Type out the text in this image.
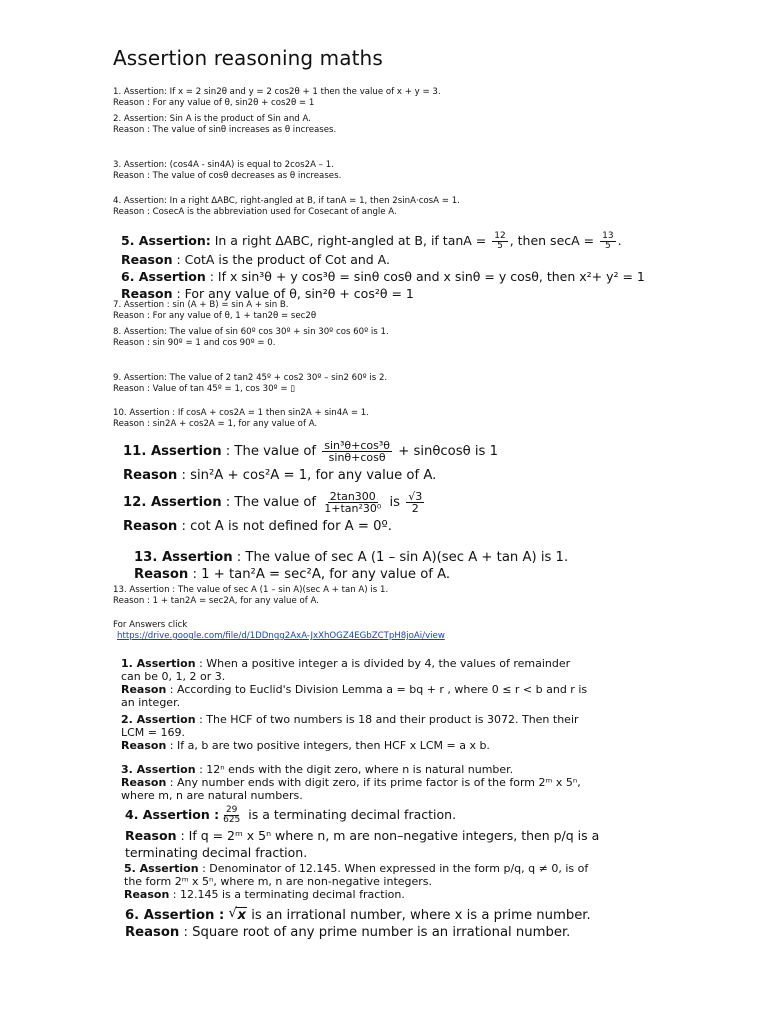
Assertion reasoning maths
1. Assertion: If x = 2 sin2θ and y = 2 cos2θ + 1 then the value of x + y = 3.
Reason : For any value of θ, sin2θ + cos2θ = 1
2. Assertion: Sin A is the product of Sin and A.
Reason : The value of sinθ increases as θ increases.
3. Assertion: (cos4A - sin4A) is equal to 2cos2A – 1.
Reason : The value of cosθ decreases as θ increases.
4. Assertion: In a right ΔABC, right-angled at B, if tanA = 1, then 2sinA·cosA = 1.
Reason : CosecA is the abbreviation used for Cosecant of angle A.
5. Assertion: In a right ΔABC, right-angled at B, if $\tan A = \frac{12}{5}$ , then $\sec A = \frac{13}{5}$ .
Reason : CotA is the product of Cot and A.
6. Assertion : If x sin³θ + y cos³θ = sinθ cosθ and x sinθ = y cosθ, then x²+ y² = 1
Reason : For any value of θ, sin²θ + cos²θ = 1
7. Assertion : sin (A + B) = sin A + sin B.
Reason : For any value of θ, 1 + tan2θ = sec2θ
8. Assertion: The value of sin 60º cos 30º + sin 30º cos 60º is 1.
Reason : sin 90º = 1 and cos 90º = 0.
9. Assertion: The value of 2 tan2 45º + cos2 30º – sin2 60º is 2.
Reason : Value of tan 45º = 1, cos 30º = ▯
10. Assertion : If cosA + cos2A = 1 then sin2A + sin4A = 1.
Reason : sin2A + cos2A = 1, for any value of A.
11. Assertion : The value of $\frac{\text{sin³θ+cos³θ}}{\sin\theta+\cos\theta} + \sin\theta\cos\theta$ is 1
Reason : sin²A + cos²A = 1, for any value of A.
12. Assertion : The value of $\frac{2\tan 300}{\text{1+tan²30⁰}}$ is $\frac{√3}{2}$
Reason : cot A is not defined for A = 0º.
13. Assertion : The value of sec A (1 – sin A)(sec A + tan A) is 1.
Reason : 1 + tan²A = sec²A, for any value of A.
13. Assertion : The value of sec A (1 – sin A)(sec A + tan A) is 1.
Reason : 1 + tan2A = sec2A, for any value of A.
For Answers click
https://drive.google.com/file/d/1DDngg2AxA-JxXhOGZ4EGbZCTpH8joAi/view
1. Assertion : When a positive integer a is divided by 4, the values of remainder
can be 0, 1, 2 or 3.
Reason : According to Euclid's Division Lemma a = bq + r , where 0 ≤ r < b and r is
an integer.
2. Assertion : The HCF of two numbers is 18 and their product is 3072. Then their
LCM = 169.
Reason : If a, b are two positive integers, then HCF x LCM = a x b.
3. Assertion : 12ⁿ ends with the digit zero, where n is natural number.
Reason : Any number ends with digit zero, if its prime factor is of the form 2ᵐ x 5ⁿ,
where m, n are natural numbers.
4. Assertion : $\frac{29}{625}$ is a terminating decimal fraction.
Reason : If q = 2ᵐ x 5ⁿ where n, m are non–negative integers, then p/q is a
terminating decimal fraction.
5. Assertion : Denominator of 12.145. When expressed in the form p/q, q ≠ 0, is of
the form 2ᵐ x 5ⁿ, where m, n are non-negative integers.
Reason : 12.145 is a terminating decimal fraction.
6. Assertion : √ x is an irrational number, where x is a prime number.
Reason : Square root of any prime number is an irrational number.
